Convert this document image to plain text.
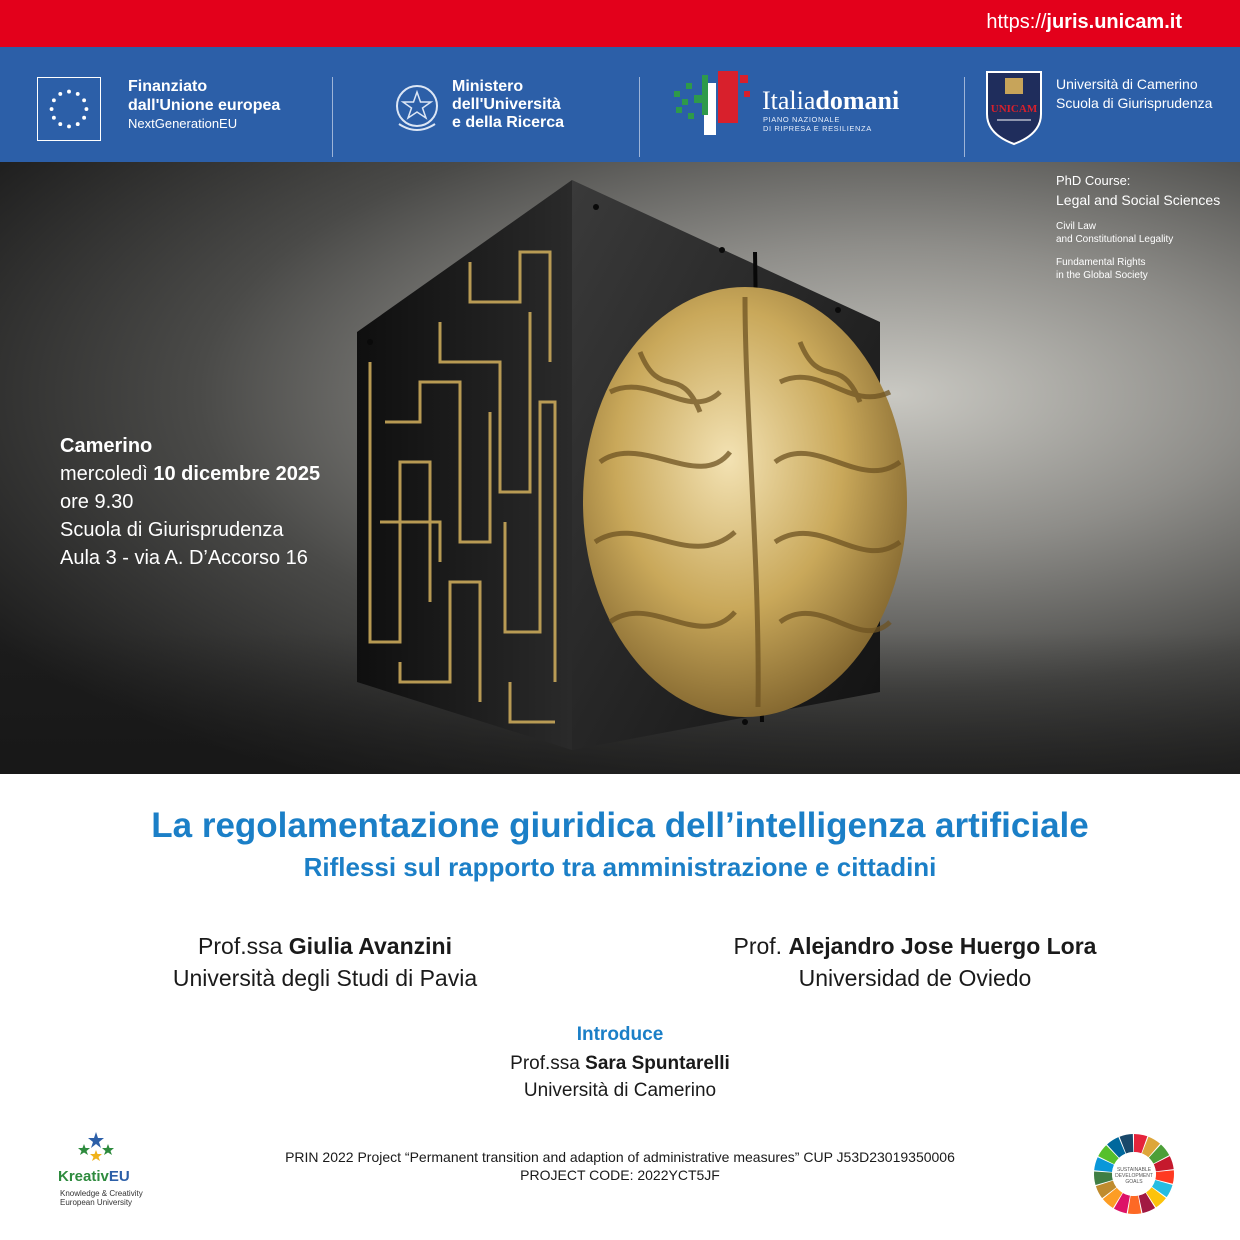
https://juris.unicam.it
Finanziato
dall'Unione europea
NextGenerationEU
Ministero
dell'Università
e della Ricerca
Italiadomani
PIANO NAZIONALE
DI RIPRESA E RESILIENZA
UNICAM
Università di Camerino
Scuola di Giurisprudenza
PhD Course:
Legal and Social Sciences
Civil Law
and Constitutional Legality
Fundamental Rights
in the Global Society
Camerino
mercoledì 10 dicembre 2025
ore 9.30
Scuola di Giurisprudenza
Aula 3 - via A. D’Accorso 16
La regolamentazione giuridica dell’intelligenza artificiale
Riflessi sul rapporto tra amministrazione e cittadini
Prof.ssa Giulia Avanzini
Università degli Studi di Pavia
Prof. Alejandro Jose Huergo Lora
Universidad de Oviedo
Introduce
Prof.ssa Sara Spuntarelli
Università di Camerino
KreativEU
Knowledge & Creativity
European University
PRIN 2022 Project “Permanent transition and adaption of administrative measures” CUP J53D23019350006
PROJECT CODE: 2022YCT5JF	SUSTAINABLE
DEVELOPMENT
GOALS
